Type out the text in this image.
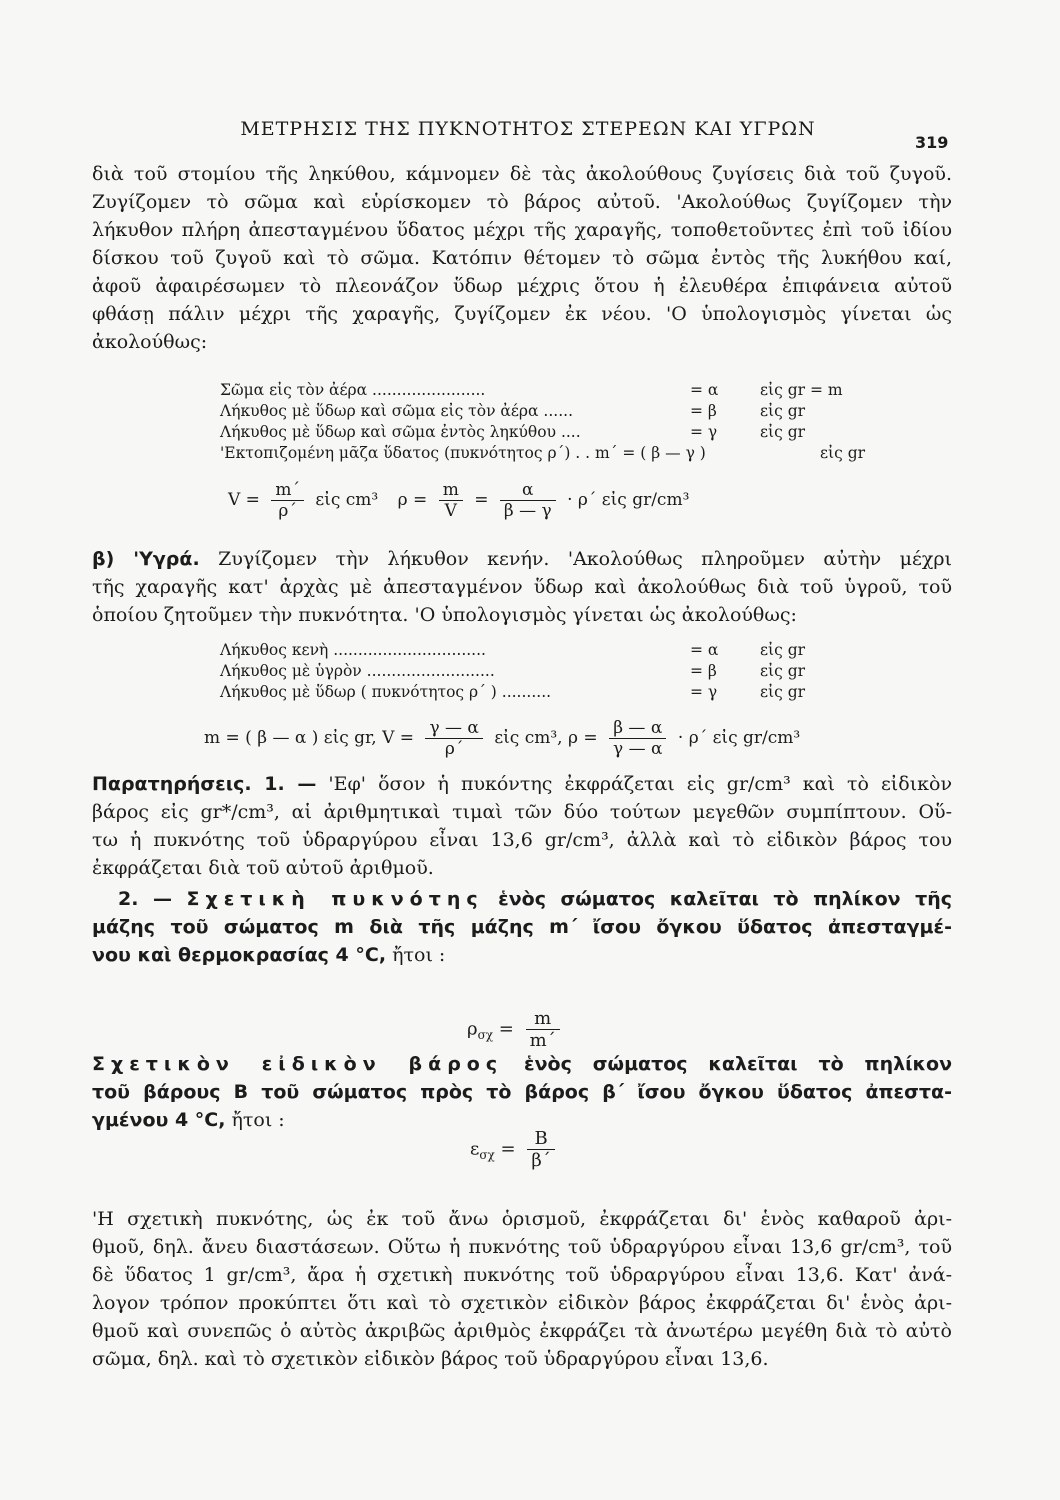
ΜΕΤΡΗΣΙΣ ΤΗΣ ΠΥΚΝΟΤΗΤΟΣ ΣΤΕΡΕΩΝ ΚΑΙ ΥΓΡΩΝ
319
διὰ τοῦ στομίου τῆς ληκύθου, κάμνομεν δὲ τὰς ἀκολούθους ζυγίσεις διὰ τοῦ ζυγοῦ.
Ζυγίζομεν τὸ σῶμα καὶ εὑρίσκομεν τὸ βάρος αὐτοῦ. 'Ακολούθως ζυγίζομεν τὴν
λήκυθον πλήρη ἀπεσταγμένου ὕδατος μέχρι τῆς χαραγῆς, τοποθετοῦντες ἐπὶ τοῦ ἰδίου
δίσκου τοῦ ζυγοῦ καὶ τὸ σῶμα. Κατόπιν θέτομεν τὸ σῶμα ἐντὸς τῆς λυκήθου καί,
ἀφοῦ ἀφαιρέσωμεν τὸ πλεονάζον ὕδωρ μέχρις ὅτου ἡ ἐλευθέρα ἐπιφάνεια αὐτοῦ
φθάσῃ πάλιν μέχρι τῆς χαραγῆς, ζυγίζομεν ἐκ νέου. 'Ο ὑπολογισμὸς γίνεται ὡς
ἀκολούθως:
Σῶμα εἰς τὸν ἀέρα .......................	= α	εἰς gr = m
Λήκυθος μὲ ὕδωρ καὶ σῶμα εἰς τὸν ἀέρα ......	= β	εἰς gr
Λήκυθος μὲ ὕδωρ καὶ σῶμα ἐντὸς ληκύθου ....	= γ	εἰς gr
'Εκτοπιζομένη μᾶζα ὕδατος (πυκνότητος ρ΄) . . m΄ = ( β — γ )	εἰς gr
$V = \frac{m΄}{\rho΄}$ εἰς cm³ $\rho = \frac{m}{V} = \frac{\alpha}{\beta — \gamma} \cdot \rho΄$ εἰς gr/cm³
β) 'Υγρά. Ζυγίζομεν τὴν λήκυθον κενήν. 'Ακολούθως πληροῦμεν αὐτὴν μέχρι
τῆς χαραγῆς κατ' ἀρχὰς μὲ ἀπεσταγμένον ὕδωρ καὶ ἀκολούθως διὰ τοῦ ὑγροῦ, τοῦ
ὁποίου ζητοῦμεν τὴν πυκνότητα. 'Ο ὑπολογισμὸς γίνεται ὡς ἀκολούθως:
Λήκυθος κενὴ ...............................	= α	εἰς gr
Λήκυθος μὲ ὑγρὸν ..........................	= β	εἰς gr
Λήκυθος μὲ ὕδωρ ( πυκνότητος ρ΄ ) ..........	= γ	εἰς gr
m = ( β — α ) εἰς gr, $V = \frac{\gamma — \alpha}{\rho΄}$ εἰς cm³, $\rho = \frac{\beta — \alpha}{\gamma — \alpha} \cdot \rho΄$ εἰς gr/cm³
Παρατηρήσεις. 1. — 'Εφ' ὅσον ἡ πυκόντης ἐκφράζεται εἰς gr/cm³ καὶ τὸ εἰδικὸν
βάρος εἰς gr*/cm³, αἱ ἀριθμητικαὶ τιμαὶ τῶν δύο τούτων μεγεθῶν συμπίπτουν. Οὕ-
τω ἡ πυκνότης τοῦ ὑδραργύρου εἶναι 13,6 gr/cm³, ἀλλὰ καὶ τὸ εἰδικὸν βάρος του
ἐκφράζεται διὰ τοῦ αὐτοῦ ἀριθμοῦ.
2. — Σχετικὴ πυκνότης ἑνὸς σώματος καλεῖται τὸ πηλίκον τῆς
μάζης τοῦ σώματος m διὰ τῆς μάζης m΄ ἴσου ὄγκου ὕδατος ἀπεσταγμέ-
νου καὶ θερμοκρασίας 4 °C, ἤτοι :
$\rho_{\sigma\chi} = \frac{m}{m΄}$
Σχετικὸν εἰδικὸν βάρος ἑνὸς σώματος καλεῖται τὸ πηλίκον
τοῦ βάρους B τοῦ σώματος πρὸς τὸ βάρος β΄ ἴσου ὄγκου ὕδατος ἀπεστα-
γμένου 4 °C, ἤτοι :
$\varepsilon_{\sigma\chi} = \frac{B}{\beta΄}$
'Η σχετικὴ πυκνότης, ὡς ἐκ τοῦ ἄνω ὁρισμοῦ, ἐκφράζεται δι' ἑνὸς καθαροῦ ἀρι-
θμοῦ, δηλ. ἄνευ διαστάσεων. Οὕτω ἡ πυκνότης τοῦ ὑδραργύρου εἶναι 13,6 gr/cm³, τοῦ
δὲ ὕδατος 1 gr/cm³, ἄρα ἡ σχετικὴ πυκνότης τοῦ ὑδραργύρου εἶναι 13,6. Κατ' ἀνά-
λογον τρόπον προκύπτει ὅτι καὶ τὸ σχετικὸν εἰδικὸν βάρος ἐκφράζεται δι' ἑνὸς ἀρι-
θμοῦ καὶ συνεπῶς ὁ αὐτὸς ἀκριβῶς ἀριθμὸς ἐκφράζει τὰ ἀνωτέρω μεγέθη διὰ τὸ αὐτὸ
σῶμα, δηλ. καὶ τὸ σχετικὸν εἰδικὸν βάρος τοῦ ὑδραργύρου εἶναι 13,6.
